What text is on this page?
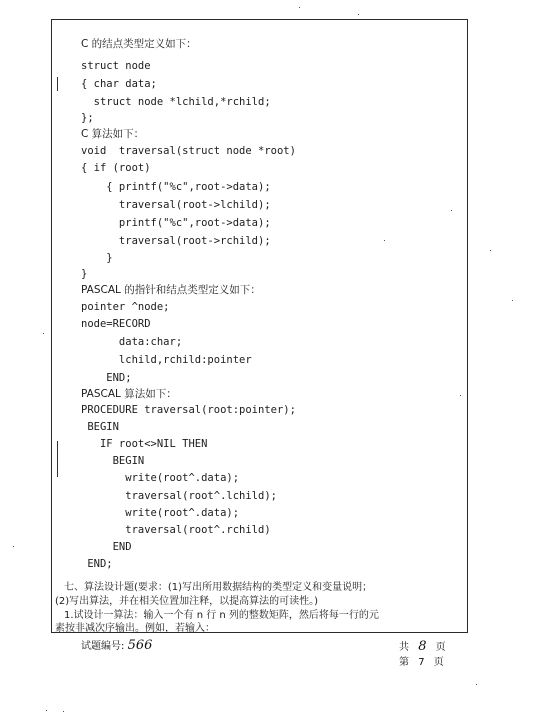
C 的结点类型定义如下：
struct node
{ char data;
struct node *lchild,*rchild;
};
C 算法如下：
void  traversal(struct node *root)
{ if (root)
{ printf("%c",root->data);
traversal(root->lchild);
printf("%c",root->data);
traversal(root->rchild);
}
}
PASCAL 的指针和结点类型定义如下：
pointer ^node;
node=RECORD
data:char;
lchild,rchild:pointer
END;
PASCAL 算法如下：
PROCEDURE traversal(root:pointer);
BEGIN
IF root<>NIL THEN
BEGIN
write(root^.data);
traversal(root^.lchild);
write(root^.data);
traversal(root^.rchild)
END
END;
七、算法设计题(要求：(1)写出所用数据结构的类型定义和变量说明；
(2)写出算法，并在相关位置加注释，以提高算法的可读性。)
1.试设计一算法：输入一个有 n 行 n 列的整数矩阵，然后将每一行的元
素按非减次序输出。例如，若输入：
试题编号: 566	共 8 页
第 7 页
